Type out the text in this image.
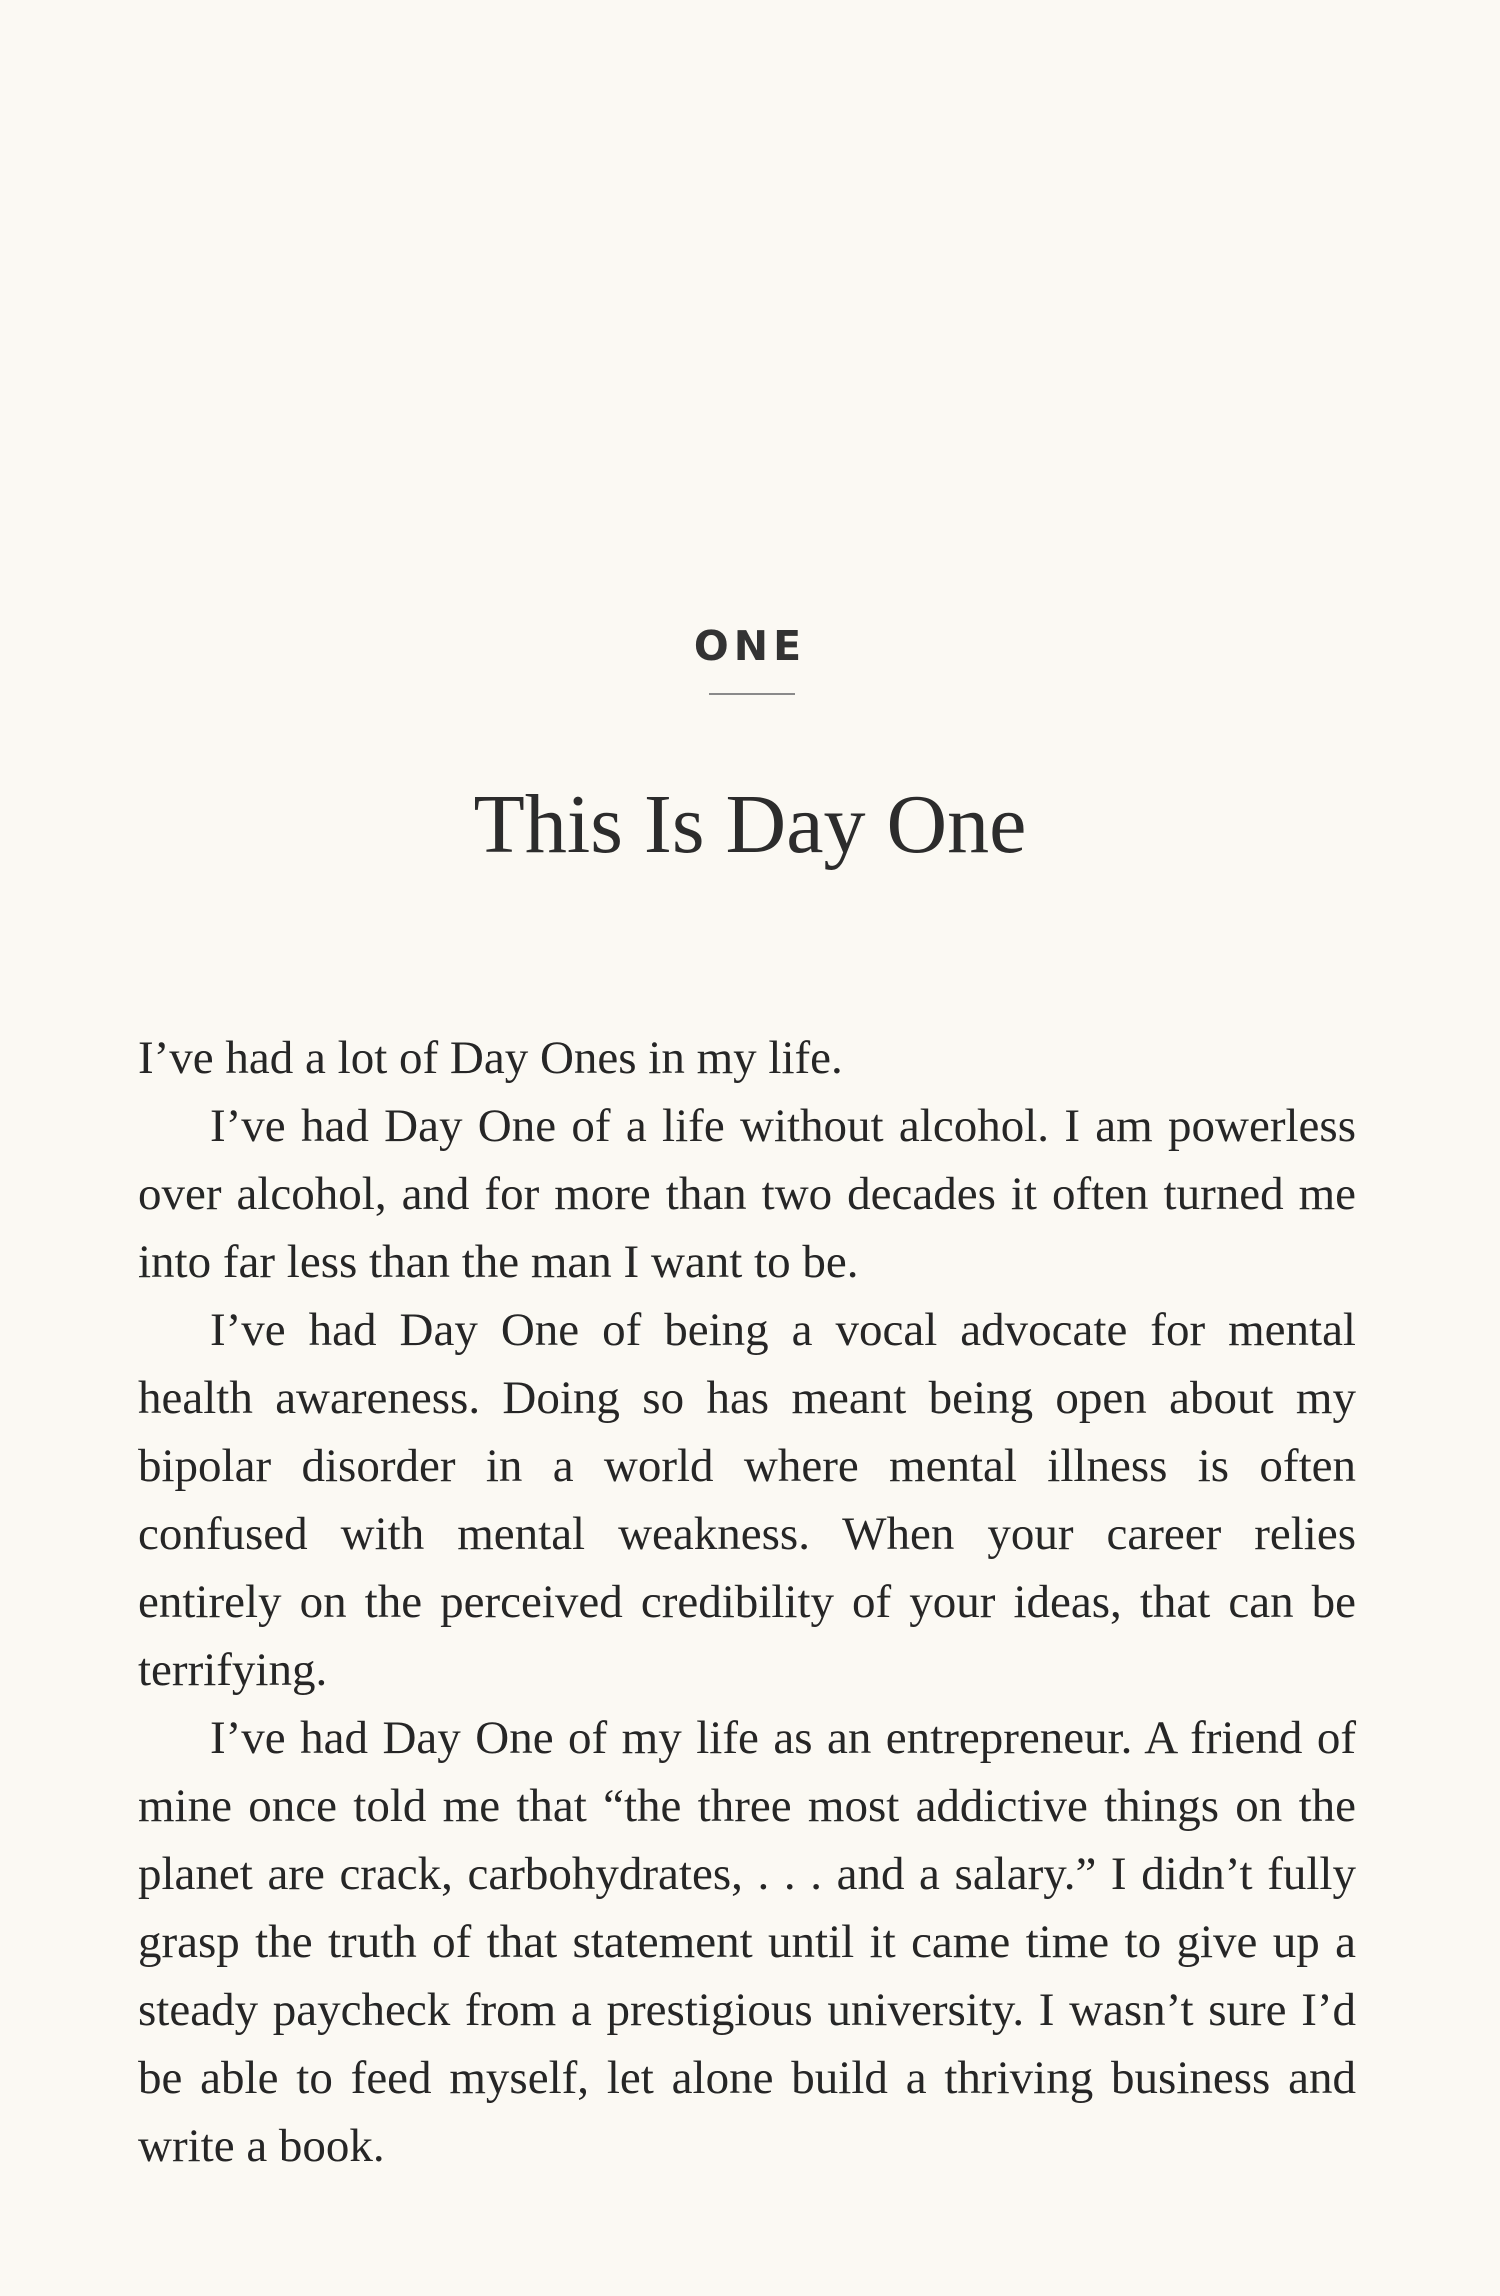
ONE
This Is Day One

I’ve had a lot of Day Ones in my life.

I’ve had Day One of a life without alcohol. I am powerless over alcohol, and for more than two decades it often turned me into far less than the man I want to be.

I’ve had Day One of being a vocal advocate for mental health awareness. Doing so has meant being open about my bipolar disorder in a world where mental illness is often confused with mental weakness. When your career relies entirely on the perceived credibility of your ideas, that can be terrifying.

I’ve had Day One of my life as an entrepreneur. A friend of mine once told me that “the three most addictive things on the planet are crack, carbohydrates, . . . and a salary.” I didn’t fully grasp the truth of that statement until it came time to give up a steady paycheck from a prestigious university. I wasn’t sure I’d be able to feed myself, let alone build a thriving business and write a book.
